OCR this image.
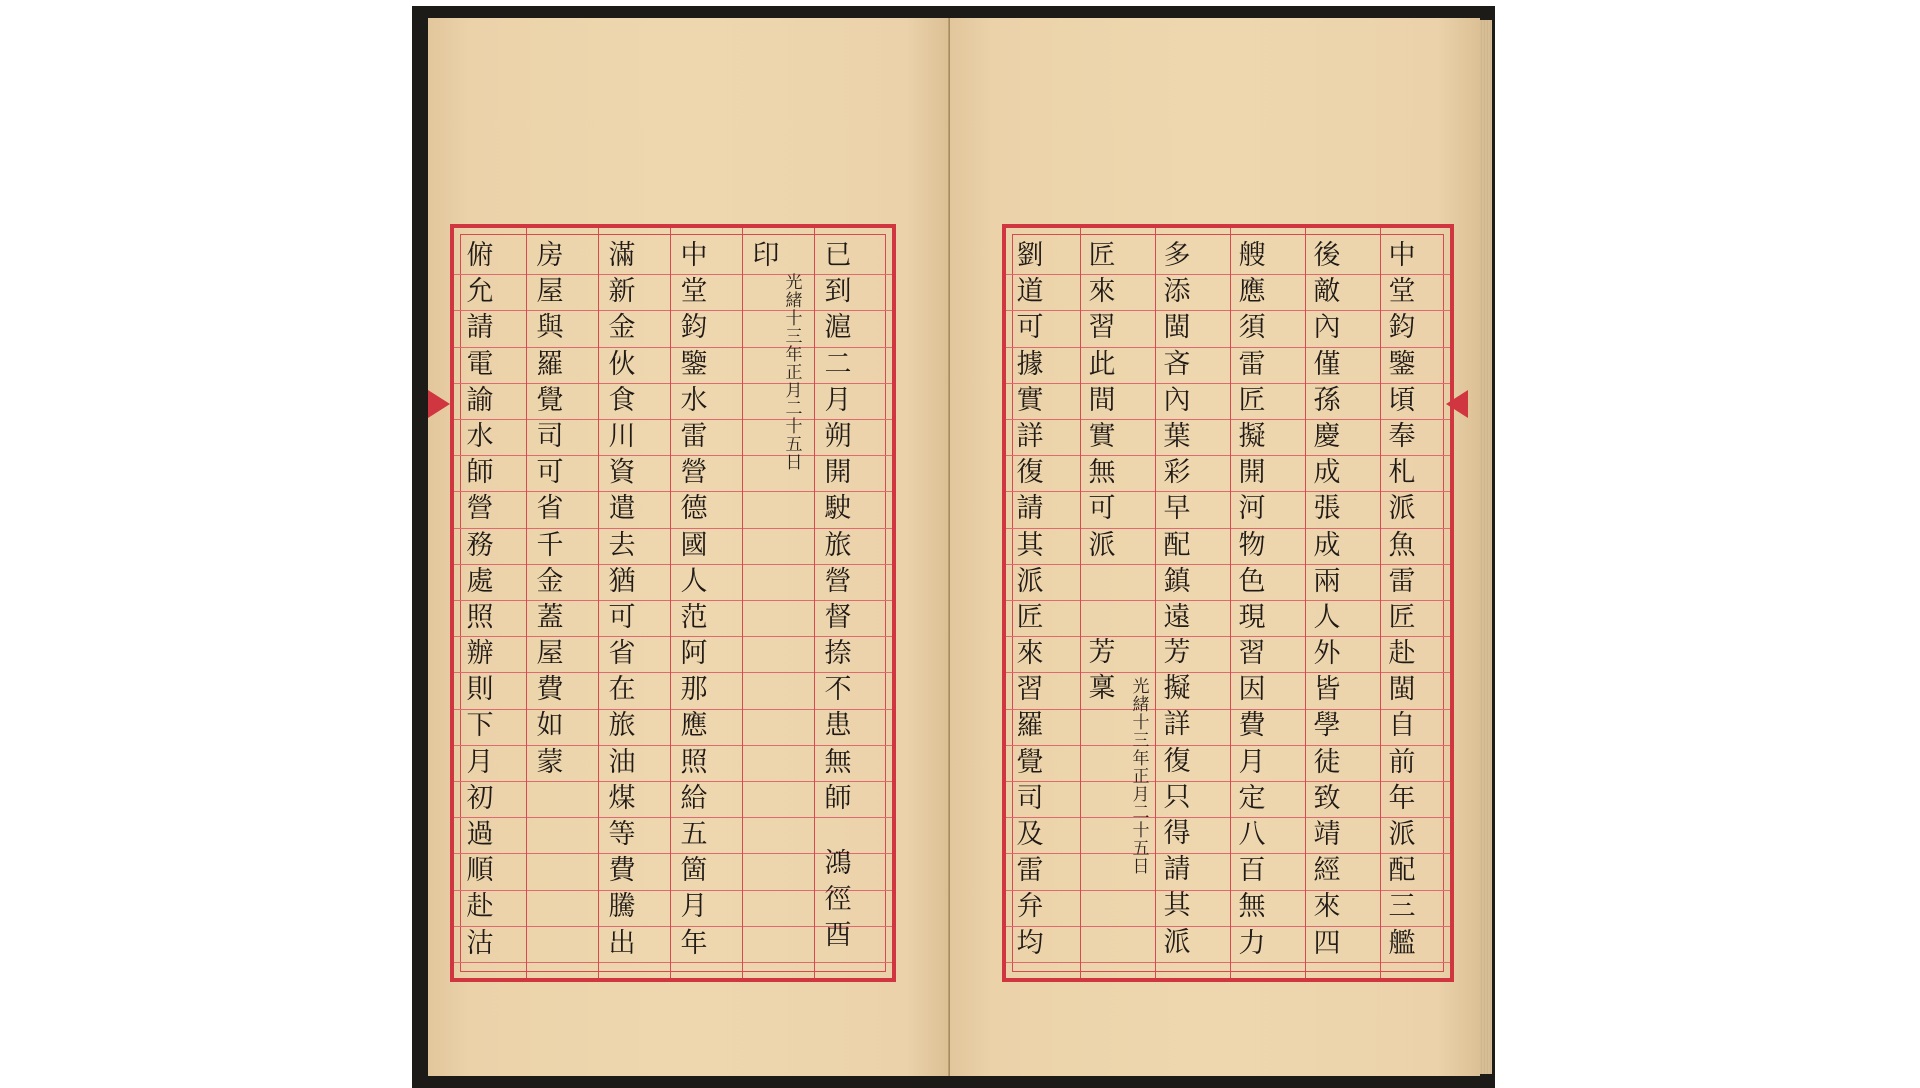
已
到
滬
二
月
朔
開
駛
旅
營
督
捺
不
患
無
師
印
中
堂
鈞
鑒
水
雷
營
德
國
人
范
阿
那
應
照
給
五
箇
月
年
滿
新
金
伙
食
川
資
遣
去
猶
可
省
在
旅
油
煤
等
費
騰
出
房
屋
與
羅
覺
司
可
省
千
金
蓋
屋
費
如
蒙
俯
允
請
電
諭
水
師
營
務
處
照
辦
則
下
月
初
過
順
赴
沽
光緒十三年正月二十五日
鴻
徑
酉
中
堂
鈞
鑒
頃
奉
札
派
魚
雷
匠
赴
閩
自
前
年
派
配
三
艦
後
敵
內
僅
孫
慶
成
張
成
兩
人
外
皆
學
徒
致
靖
經
來
四
艘
應
須
雷
匠
擬
開
河
物
色
現
習
因
費
月
定
八
百
無
力
多
添
閩
吝
內
葉
彩
早
配
鎮
遠
匠
來
習
此
間
實
無
可
派
劉
道
可
據
實
詳
復
請
其
派
匠
來
習
羅
覺
司
及
雷
弁
均
芳
擬
詳
復
只
得
請
其
派
芳
稟	光緒十三年正月二十五日
